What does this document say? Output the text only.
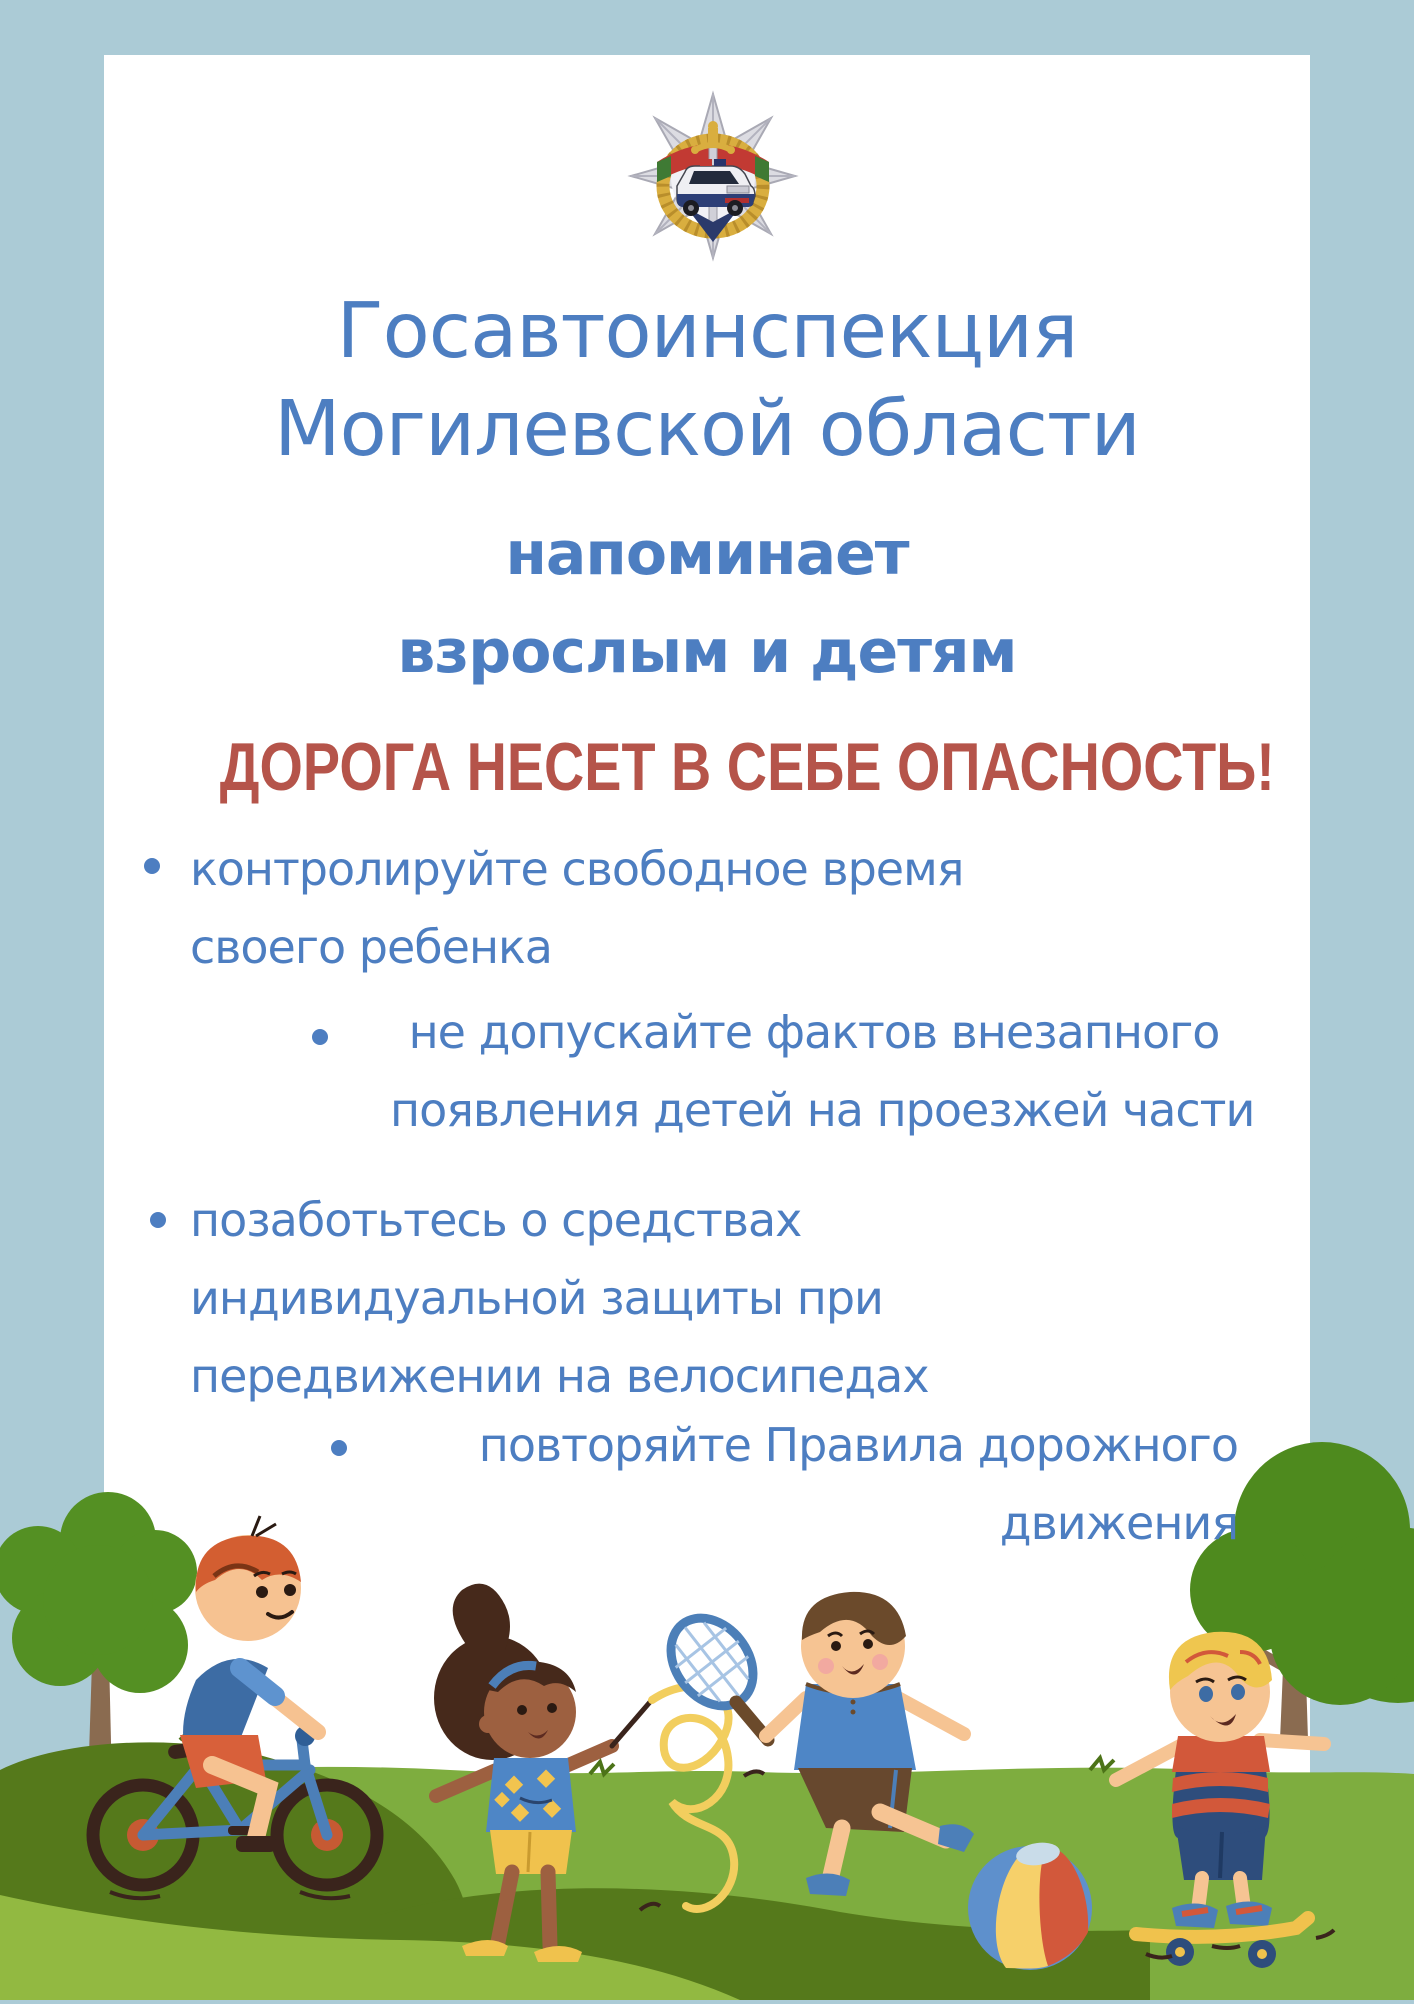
Госавтоинспекция
Могилевской области
напоминает
взрослым и детям
ДОРОГА НЕСЕТ В СЕБЕ ОПАСНОСТЬ!
контролируйте свободное время
своего ребенка
не допускайте фактов внезапного
появления детей на проезжей части
позаботьтесь о средствах
индивидуальной защиты при
передвижении на велосипедах
повторяйте Правила дорожного
движения
